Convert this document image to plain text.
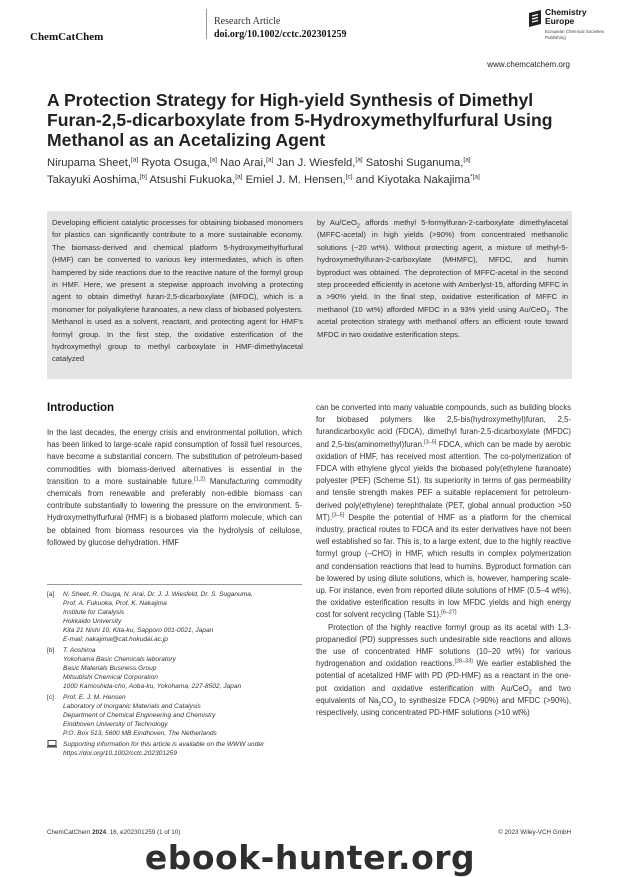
ChemCatChem
Research Article
doi.org/10.1002/cctc.202301259
Chemistry Europe
European Chemical Societies Publishing
www.chemcatchem.org
A Protection Strategy for High-yield Synthesis of Dimethyl Furan-2,5-dicarboxylate from 5-Hydroxymethylfurfural Using Methanol as an Acetalizing Agent
Nirupama Sheet,[a] Ryota Osuga,[a] Nao Arai,[a] Jan J. Wiesfeld,[a] Satoshi Suganuma,[a]
Takayuki Aoshima,[b] Atsushi Fukuoka,[a] Emiel J. M. Hensen,[c] and Kiyotaka Nakajima$^{*[a]}$
Developing efficient catalytic processes for obtaining biobased monomers for plastics can significantly contribute to a more sustainable economy. The biomass-derived and chemical platform 5-hydroxymethylfurfural (HMF) can be converted to various key intermediates, which is often hampered by side reactions due to the reactive nature of the formyl group in HMF. Here, we present a stepwise approach involving a protecting agent to obtain dimethyl furan-2,5-dicarboxylate (MFDC), which is a monomer for polyalkylene furanoates, a new class of biobased polyesters. Methanol is used as a solvent, reactant, and protecting agent for HMF's formyl group. In the first step, the oxidative esterification of the hydroxymethyl group to methyl carboxylate in HMF-dimethylacetal catalyzed
by Au/CeO$_2$ affords methyl 5-formylfuran-2-carboxylate dimethylacetal (MFFC-acetal) in high yields (>90%) from concentrated methanolic solutions (~20 wt%). Without protecting agent, a mixture of methyl-5-hydroxymethylfuran-2-carboxylate (MHMFC), MFDC, and humin byproduct was obtained. The deprotection of MFFC-acetal in the second step proceeded efficiently in acetone with Amberlyst-15, affording MFFC in a >90% yield. In the final step, oxidative esterification of MFFC in methanol (10 wt%) afforded MFDC in a 93% yield using Au/CeO$_2$. The acetal protection strategy with methanol offers an efficient route toward MFDC in two oxidative esterification steps.
Introduction

In the last decades, the energy crisis and environmental pollution, which has been linked to large-scale rapid consumption of fossil fuel resources, have become a substantial concern. The substitution of petroleum-based commodities with biomass-derived alternatives is essential in the transition to a more sustainable future.[1,2] Manufacturing commodity chemicals from renewable and preferably non-edible biomass can contribute substantially to lowering the pressure on the environment. 5-Hydroxymethylfurfural (HMF) is a biobased platform molecule, which can be obtained from biomass resources via the hydrolysis of cellulose, followed by glucose dehydration. HMF

can be converted into many valuable compounds, such as building blocks for biobased polymers like 2,5-bis(hydroxymethyl)furan, 2,5-furandicarboxylic acid (FDCA), dimethyl furan-2,5-dicarboxylate (MFDC) and 2,5-bis(aminomethyl)furan.[3–5] FDCA, which can be made by aerobic oxidation of HMF, has received most attention. The co-polymerization of FDCA with ethylene glycol yields the biobased poly(ethylene furanoate) polyester (PEF) (Scheme S1). Its superiority in terms of gas permeability and tensile strength makes PEF a suitable replacement for petroleum-derived poly(ethylene) terephthalate (PET, global annual production >50 MT).[3–5] Despite the potential of HMF as a platform for the chemical industry, practical routes to FDCA and its ester derivatives have not been well established so far. This is, to a large extent, due to the highly reactive formyl group (–CHO) in HMF, which results in complex polymerization and condensation reactions that lead to humins. Byproduct formation can be lowered by using dilute solutions, which is, however, hampering scale-up. For instance, even from reported dilute solutions of HMF (0.5–4 wt%), the oxidative esterification results in low MFDC yields and high energy cost for solvent recycling (Table S1).[6–27]

Protection of the highly reactive formyl group as its acetal with 1,3-propanediol (PD) suppresses such undesirable side reactions and allows the use of concentrated HMF solutions (10–20 wt%) for various hydrogenation and oxidation reactions.[28–33] We earlier established the potential of acetalized HMF with PD (PD-HMF) as a reactant in the one-pot oxidation and oxidative esterification with Au/CeO$_2$ and two equivalents of $Na_2CO_3$ to synthesize FDCA (>90%) and MFDC (>90%), respectively, using concentrated PD-HMF solutions (>10 wt%)

[a] N. Sheet, R. Osuga, N. Arai, Dr. J. J. Wiesfeld, Dr. S. Suganuma,
Prof. A. Fukuoka, Prof. K. Nakajima
Institute for Catalysis
Hokkaido University
Kita 21 Nishi 10, Kita-ku, Sapporo 001-0021, Japan
E-mail: nakajima@cat.hokudai.ac.jp
[b] T. Aoshima
Yokohama Basic Chemicals laboratory
Basic Materials Business Group
Mitsubishi Chemical Corporation
1000 Kamoshida-cho, Aoba-ku, Yokohama, 227-8502, Japan
[c] Prof. E. J. M. Hensen
Laboratory of Inorganic Materials and Catalysis
Department of Chemical Engineering and Chemistry
Eindhoven University of Technology
P.O. Box 513, 5600 MB Eindhoven, The Netherlands
Supporting information for this article is available on the WWW under
https://doi.org/10.1002/cctc.202301259
ChemCatChem 2024, 16, e202301259 (1 of 10)	© 2023 Wiley-VCH GmbH
ebook-hunter.org
